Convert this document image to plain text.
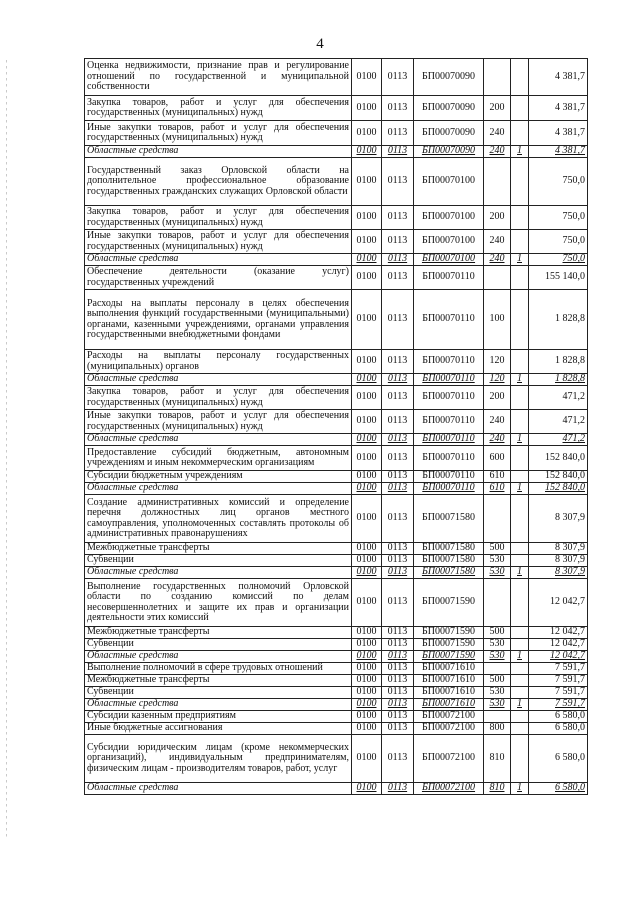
4
Оценка недвижимости, признание прав и регулирование отношений по государственной и муниципальной собственности	0100	0113	БП00070090			4 381,7
Закупка товаров, работ и услуг для обеспечения государственных (муниципальных) нужд	0100	0113	БП00070090	200		4 381,7
Иные закупки товаров, работ и услуг для обеспечения государственных (муниципальных) нужд	0100	0113	БП00070090	240		4 381,7
Областные средства	0100	0113	БП00070090	240	1	4 381,7
Государственный заказ Орловской области на дополнительное профессиональное образование государственных гражданских служащих Орловской области	0100	0113	БП00070100			750,0
Закупка товаров, работ и услуг для обеспечения государственных (муниципальных) нужд	0100	0113	БП00070100	200		750,0
Иные закупки товаров, работ и услуг для обеспечения государственных (муниципальных) нужд	0100	0113	БП00070100	240		750,0
Областные средства	0100	0113	БП00070100	240	1	750,0
Обеспечение деятельности (оказание услуг) государственных учреждений	0100	0113	БП00070110			155 140,0
Расходы на выплаты персоналу в целях обеспечения выполнения функций государственными (муниципальными) органами, казенными учреждениями, органами управления государственными внебюджетными фондами	0100	0113	БП00070110	100		1 828,8
Расходы на выплаты персоналу государственных (муниципальных) органов	0100	0113	БП00070110	120		1 828,8
Областные средства	0100	0113	БП00070110	120	1	1 828,8
Закупка товаров, работ и услуг для обеспечения государственных (муниципальных) нужд	0100	0113	БП00070110	200		471,2
Иные закупки товаров, работ и услуг для обеспечения государственных (муниципальных) нужд	0100	0113	БП00070110	240		471,2
Областные средства	0100	0113	БП00070110	240	1	471,2
Предоставление субсидий бюджетным, автономным учреждениям и иным некоммерческим организациям	0100	0113	БП00070110	600		152 840,0
Субсидии бюджетным учреждениям	0100	0113	БП00070110	610		152 840,0
Областные средства	0100	0113	БП00070110	610	1	152 840,0
Создание административных комиссий и определение перечня должностных лиц органов местного самоуправления, уполномоченных составлять протоколы об административных правонарушениях	0100	0113	БП00071580			8 307,9
Межбюджетные трансферты	0100	0113	БП00071580	500		8 307,9
Субвенции	0100	0113	БП00071580	530		8 307,9
Областные средства	0100	0113	БП00071580	530	1	8 307,9
Выполнение государственных полномочий Орловской области по созданию комиссий по делам несовершеннолетних и защите их прав и организации деятельности этих комиссий	0100	0113	БП00071590			12 042,7
Межбюджетные трансферты	0100	0113	БП00071590	500		12 042,7
Субвенции	0100	0113	БП00071590	530		12 042,7
Областные средства	0100	0113	БП00071590	530	1	12 042,7
Выполнение полномочий в сфере трудовых отношений	0100	0113	БП00071610			7 591,7
Межбюджетные трансферты	0100	0113	БП00071610	500		7 591,7
Субвенции	0100	0113	БП00071610	530		7 591,7
Областные средства	0100	0113	БП00071610	530	1	7 591,7
Субсидии казенным предприятиям	0100	0113	БП00072100			6 580,0
Иные бюджетные ассигнования	0100	0113	БП00072100	800		6 580,0
Субсидии юридическим лицам (кроме некоммерческих организаций), индивидуальным предпринимателям, физическим лицам - производителям товаров, работ, услуг	0100	0113	БП00072100	810		6 580,0
Областные средства	0100	0113	БП00072100	810	1	6 580,0
